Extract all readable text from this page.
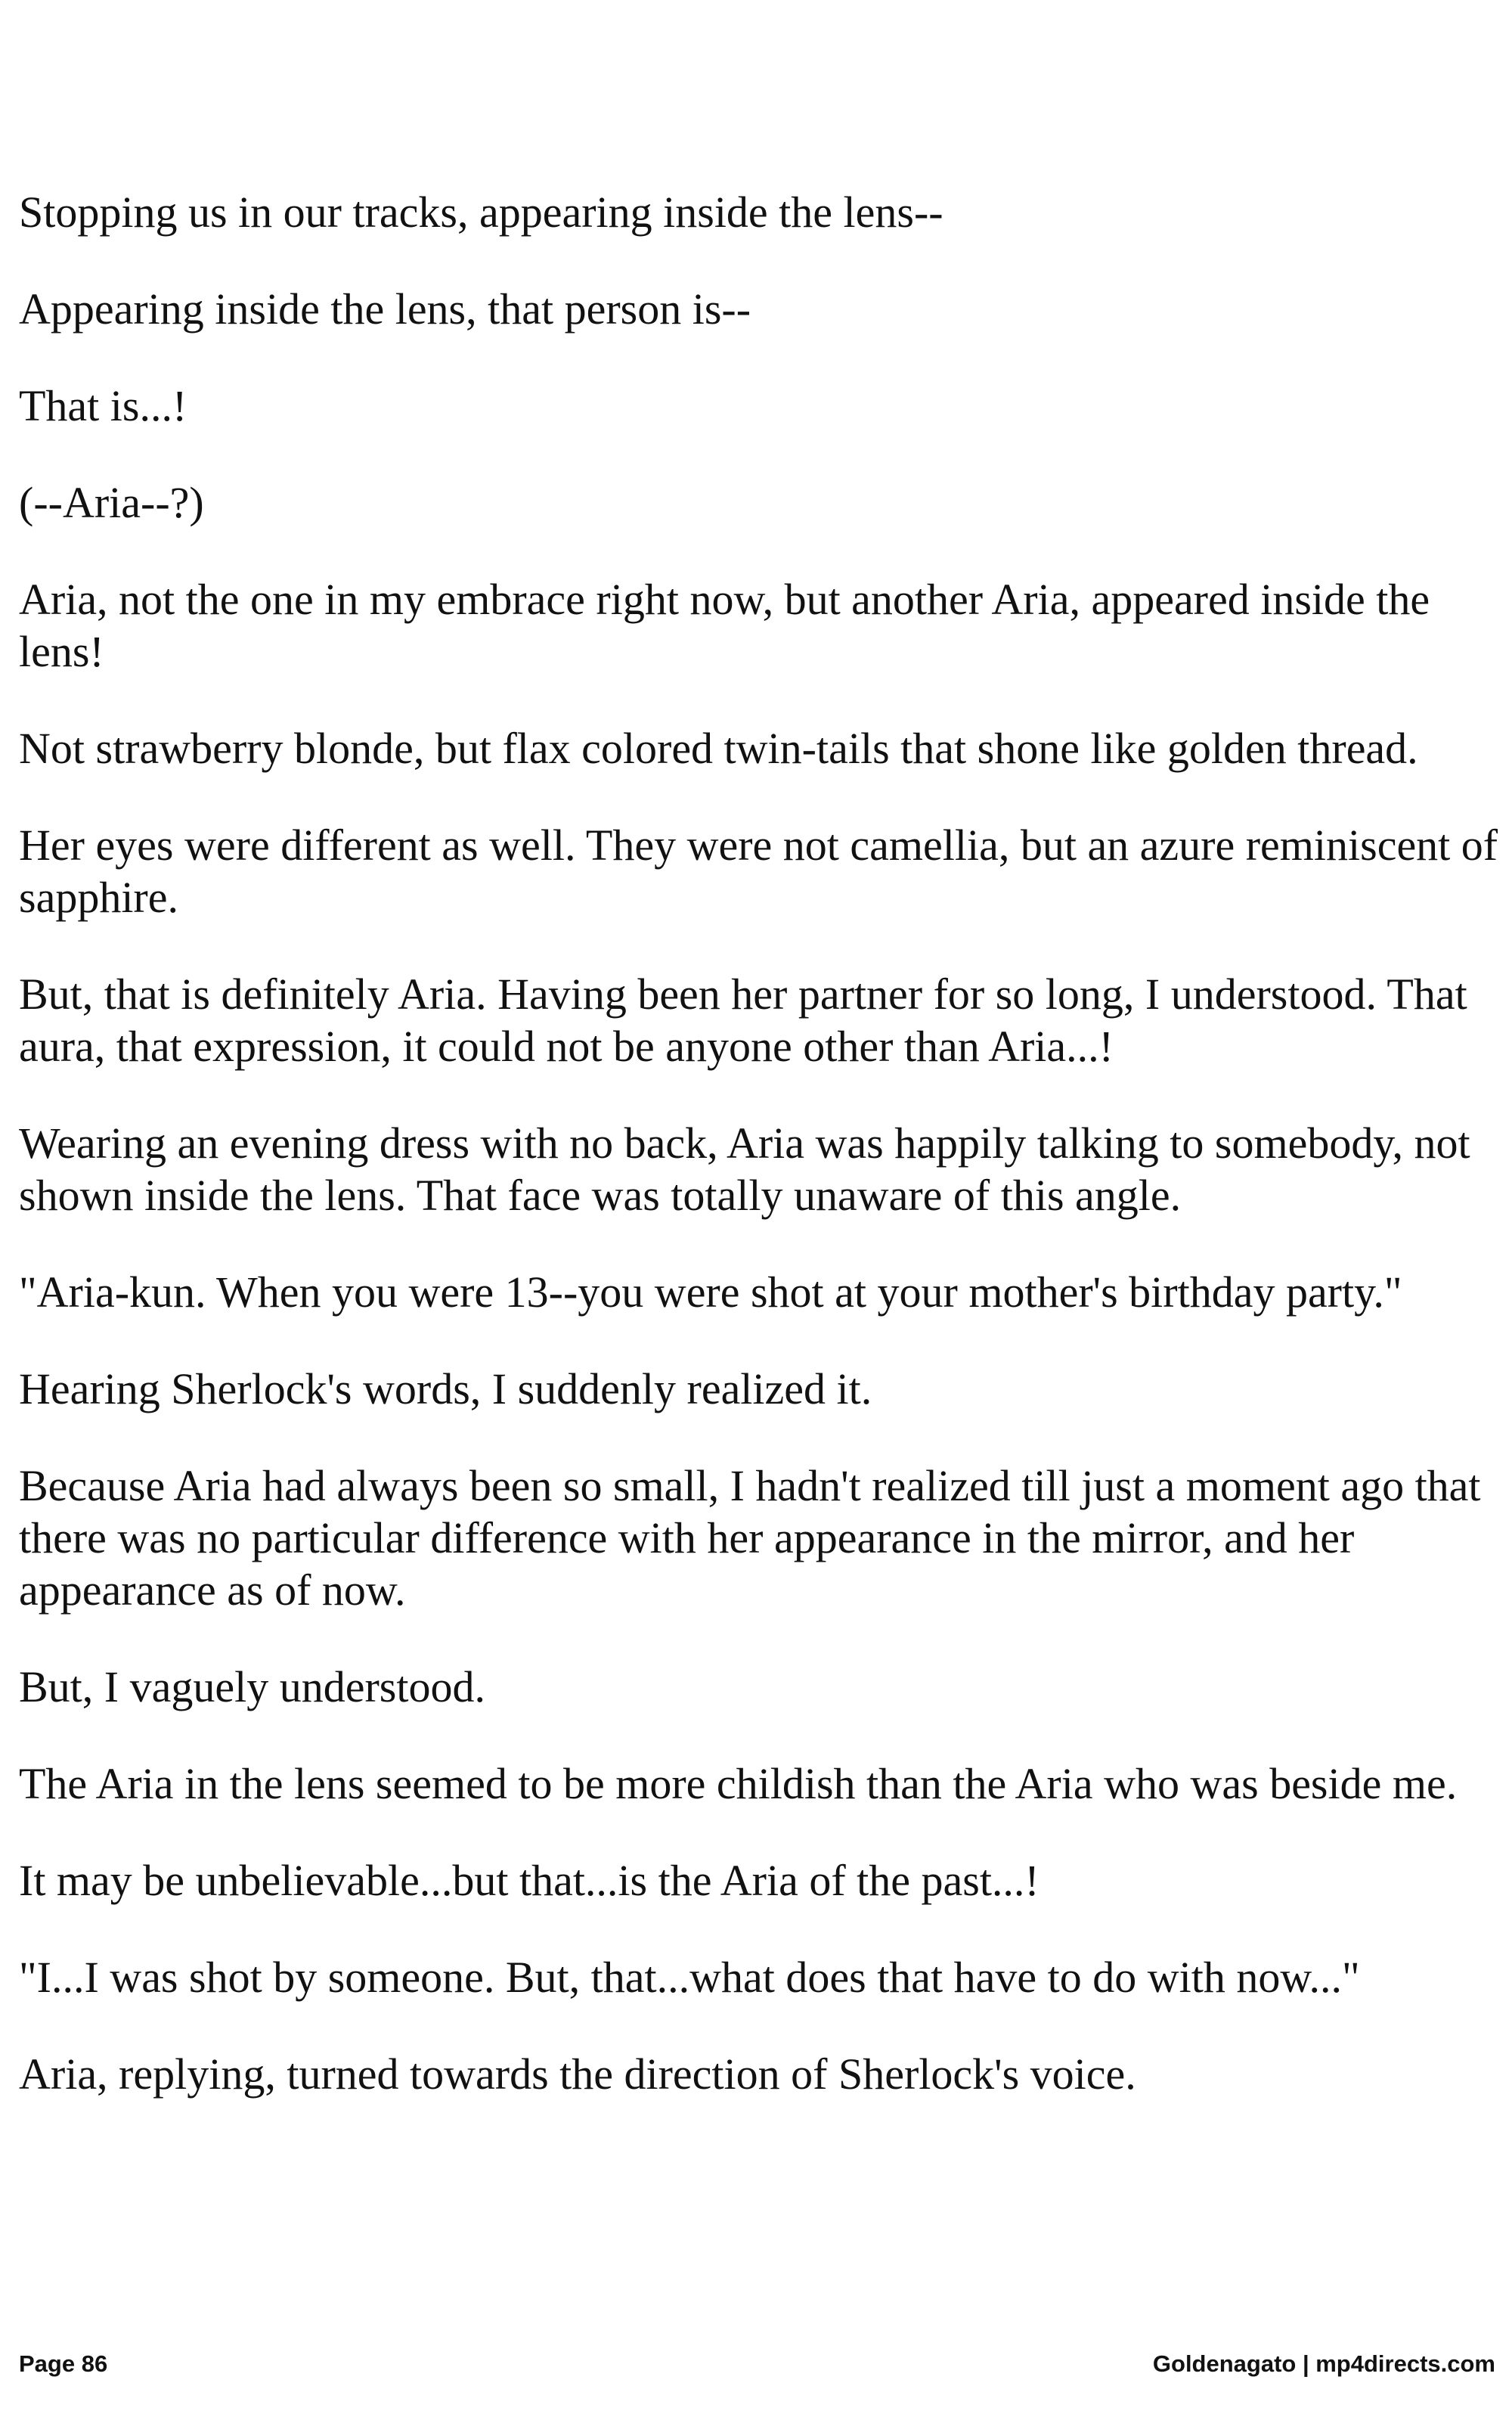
Stopping us in our tracks, appearing inside the lens--

Appearing inside the lens, that person is--

That is...!

(--Aria--?)

Aria, not the one in my embrace right now, but another Aria, appeared inside the lens!

Not strawberry blonde, but flax colored twin-tails that shone like golden thread.

Her eyes were different as well. They were not camellia, but an azure reminiscent of sapphire.

But, that is definitely Aria. Having been her partner for so long, I understood. That aura, that expression, it could not be anyone other than Aria...!

Wearing an evening dress with no back, Aria was happily talking to somebody, not shown inside the lens. That face was totally unaware of this angle.

"Aria-kun. When you were 13--you were shot at your mother's birthday party."

Hearing Sherlock's words, I suddenly realized it.

Because Aria had always been so small, I hadn't realized till just a moment ago that there was no particular difference with her appearance in the mirror, and her appearance as of now.

But, I vaguely understood.

The Aria in the lens seemed to be more childish than the Aria who was beside me.

It may be unbelievable...but that...is the Aria of the past...!

"I...I was shot by someone. But, that...what does that have to do with now..."

Aria, replying, turned towards the direction of Sherlock's voice.

Page 86	Goldenagato | mp4directs.com
